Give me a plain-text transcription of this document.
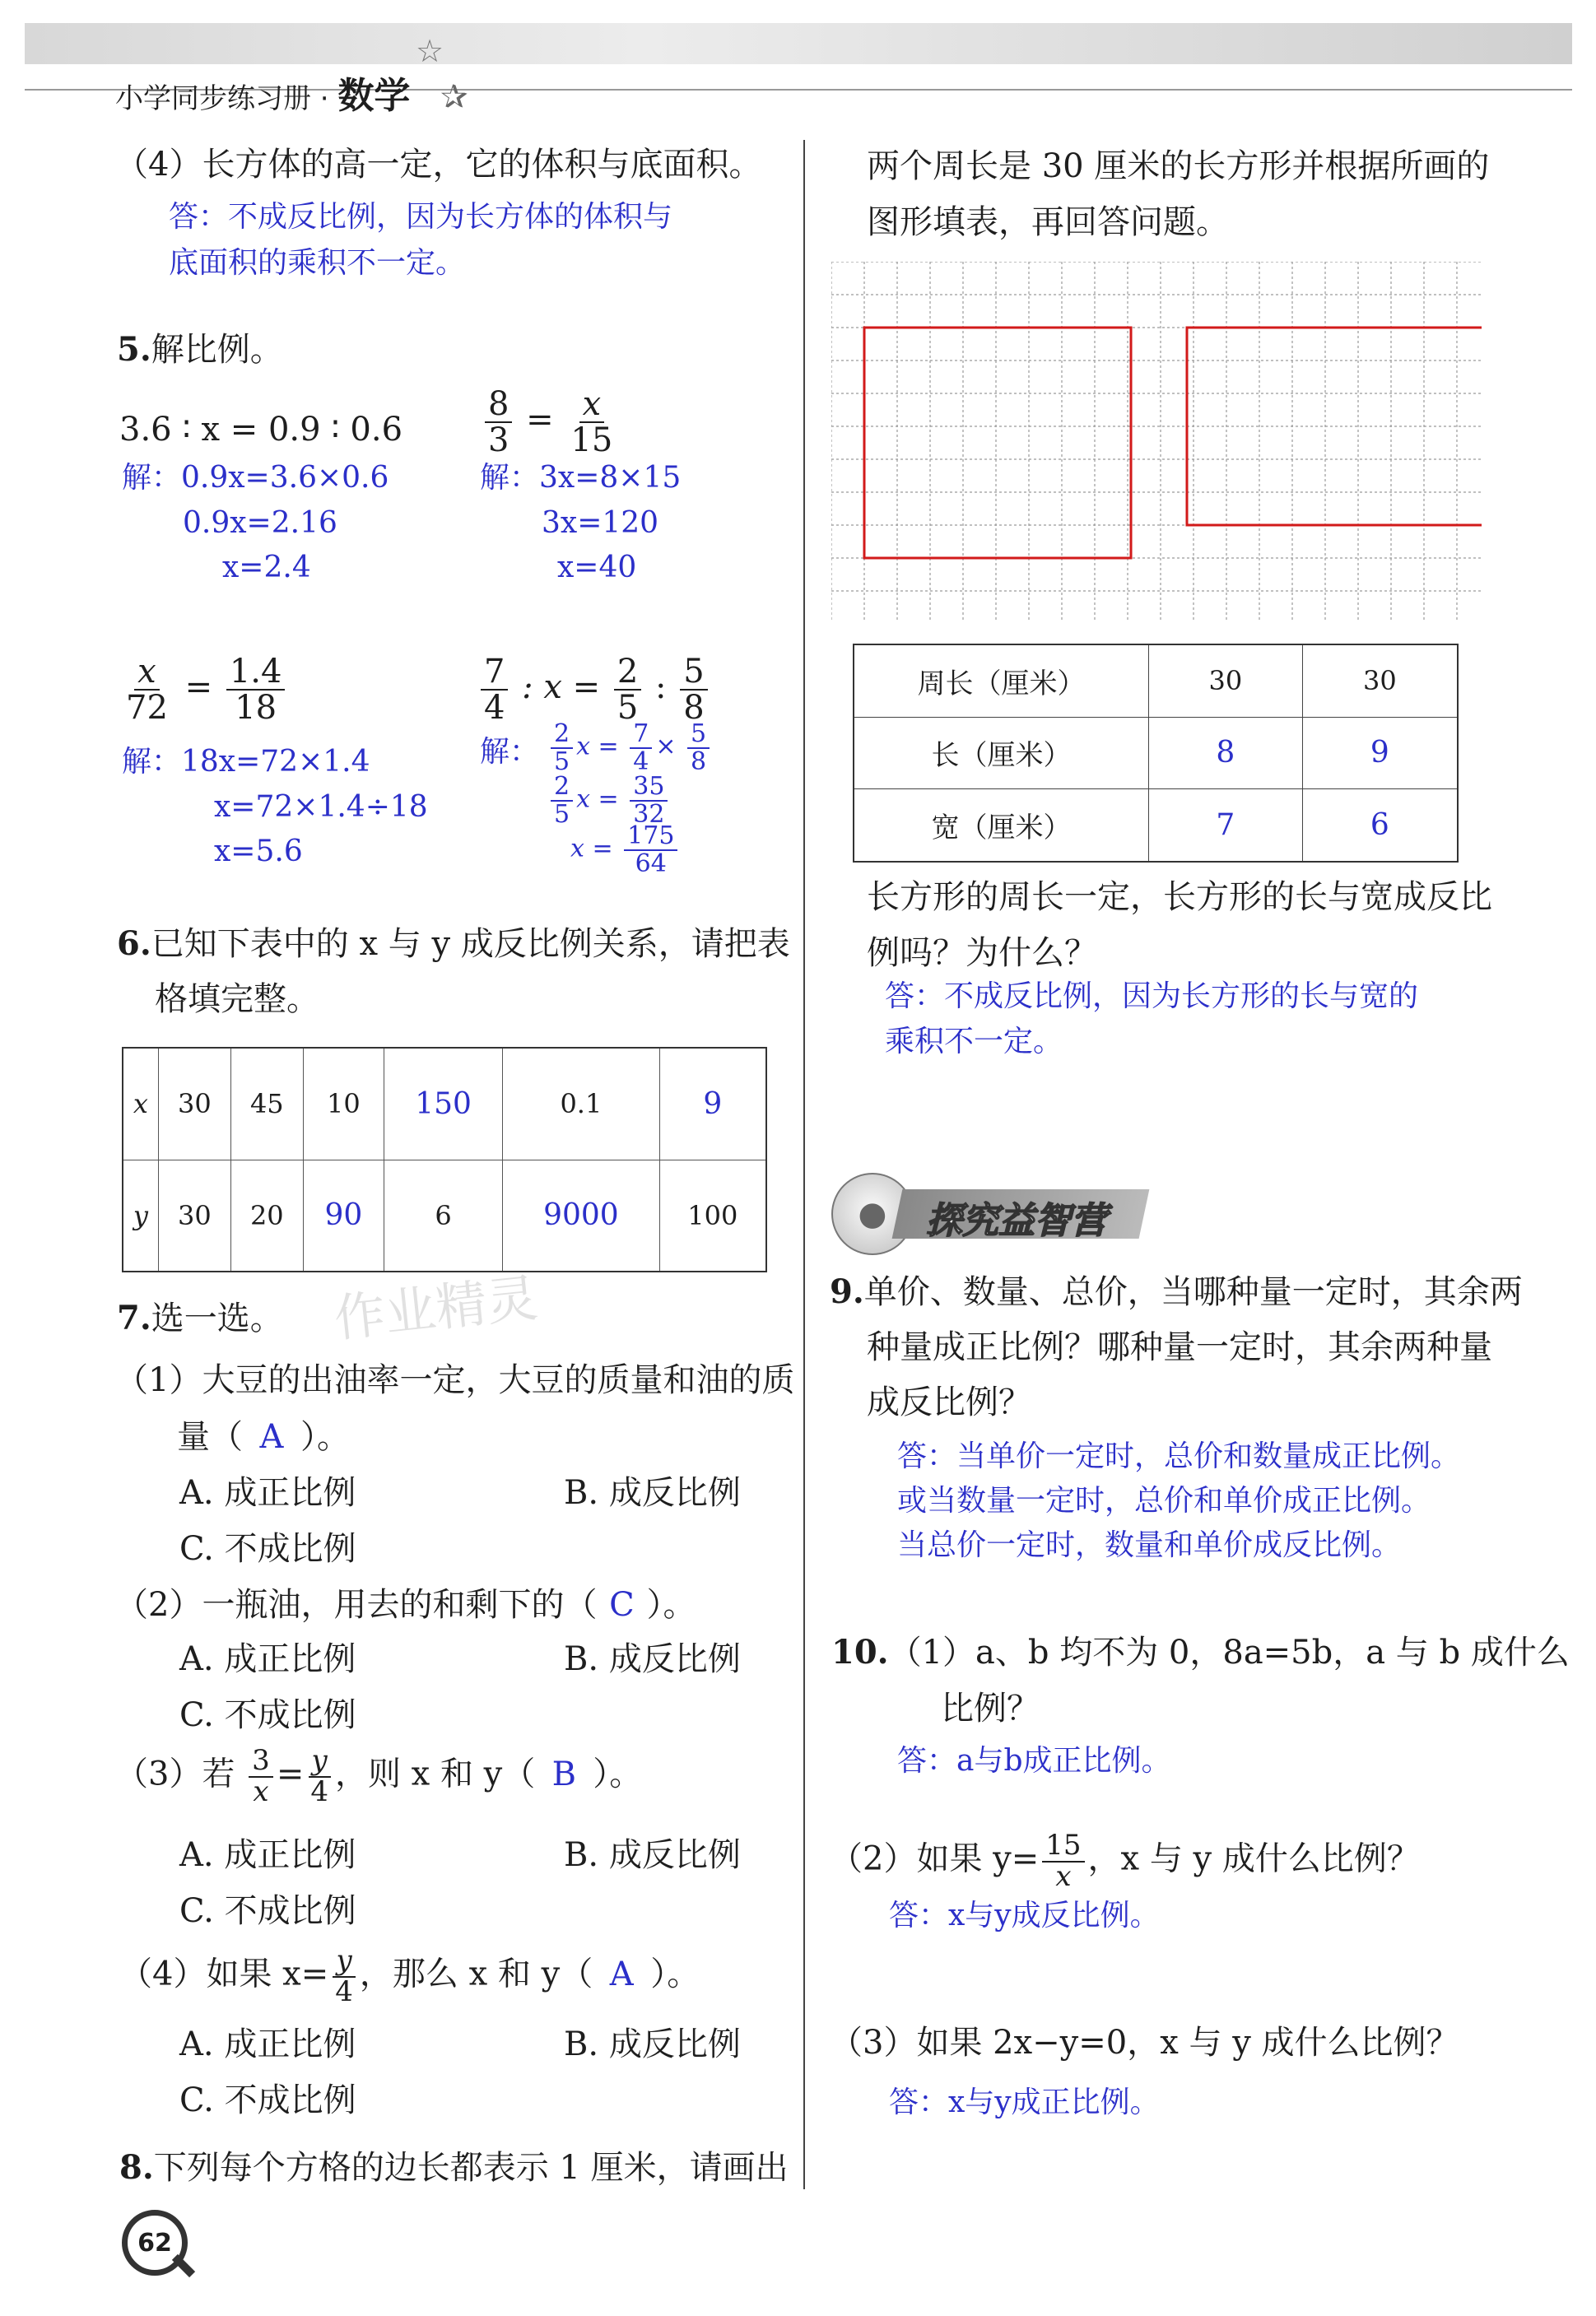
小学同步练习册 · 数学
☆
✰
（4）长方体的高一定，它的体积与底面积。
答：不成反比例，因为长方体的体积与
底面积的乘积不一定。
5.解比例。
3.6 ∶ x = 0.9 ∶ 0.6
解：0.9x=3.6×0.6
0.9x=2.16
x=2.4
$\frac{8}{3} = \frac{x}{15}$
解：3x=8×15
3x=120
x=40
$\frac{x}{72} = \frac{1.4}{18}$
解：18x=72×1.4
x=72×1.4÷18
x=5.6
$\frac{7}{4}$ : $x = \frac{2}{5}$ : $\frac{5}{8}$
解： $\frac{2}{5}$ $x = \frac{7}{4} \times \frac{5}{8}$
$\frac{2}{5}$ $x = \frac{35}{32}$
$x = \frac{175}{64}$
6.已知下表中的 x 与 y 成反比例关系，请把表
格填完整。
x	30	45	10	150	0.1	9
y	30	20	90	6	9000	100
7.选一选。 作业精灵
（1）大豆的出油率一定，大豆的质量和油的质
量（ A ）。
A. 成正比例	B. 成反比例
C. 不成比例
（2）一瓶油，用去的和剩下的（ C ）。
A. 成正比例	B. 成反比例
C. 不成比例
（3）若 $\frac{3}{x} = \frac{y}{4}$ ，则 x 和 y（ B ）。
A. 成正比例	B. 成反比例
C. 不成比例
（4）如果 $x= \frac{y}{4}$ ，那么 x 和 y（ A ）。
A. 成正比例	B. 成反比例
C. 不成比例
8.下列每个方格的边长都表示 1 厘米，请画出
62
两个周长是 30 厘米的长方形并根据所画的
图形填表，再回答问题。
周长（厘米）	30	30
长（厘米）	8	9
宽（厘米）	7	6
长方形的周长一定，长方形的长与宽成反比
例吗？为什么？
答：不成反比例，因为长方形的长与宽的
乘积不一定。
●	探究益智营
9.单价、数量、总价，当哪种量一定时，其余两
种量成正比例？哪种量一定时，其余两种量
成反比例？
答：当单价一定时，总价和数量成正比例。
或当数量一定时，总价和单价成正比例。
当总价一定时，数量和单价成反比例。
10.（1）a、b 均不为 0，8a=5b，a 与 b 成什么
比例？
答：a与b成正比例。
（2）如果 $y= \frac{15}{x}$ ，x 与 y 成什么比例？
答：x与y成反比例。
（3）如果 2x−y=0，x 与 y 成什么比例？
答：x与y成正比例。
